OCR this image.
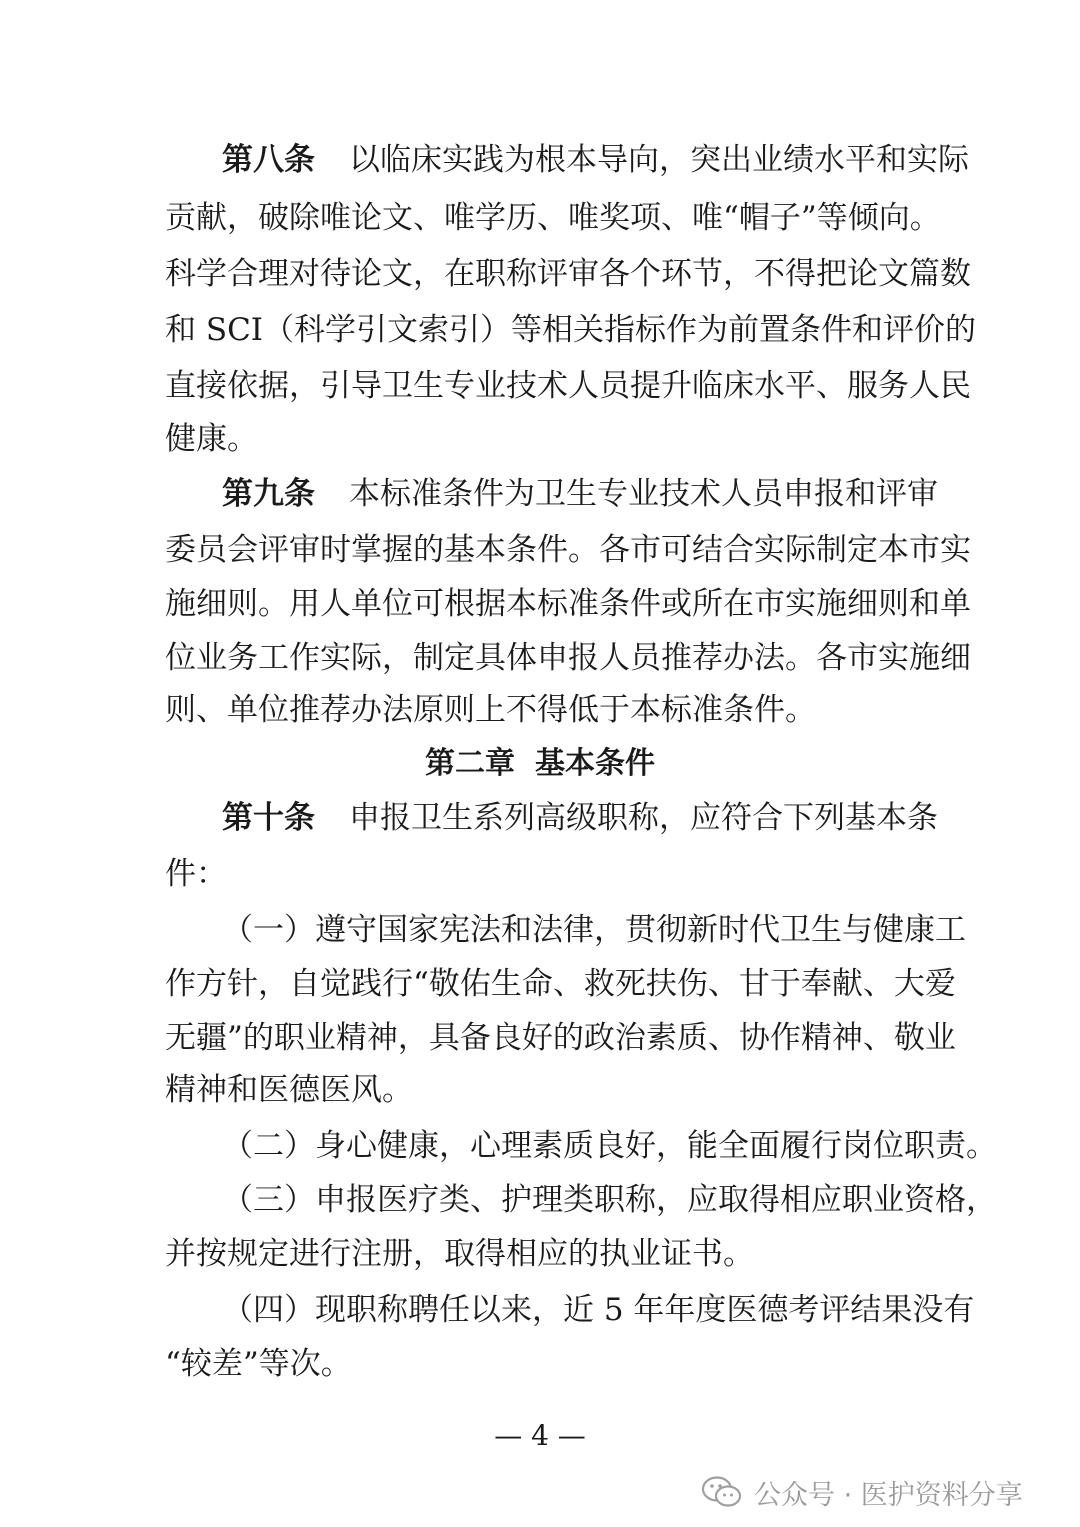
第八条 以临床实践为根本导向，突出业绩水平和实际
贡献，破除唯论文、唯学历、唯奖项、唯“帽子”等倾向。
科学合理对待论文，在职称评审各个环节，不得把论文篇数
和 SCI（科学引文索引）等相关指标作为前置条件和评价的
直接依据，引导卫生专业技术人员提升临床水平、服务人民
健康。
第九条 本标准条件为卫生专业技术人员申报和评审
委员会评审时掌握的基本条件。各市可结合实际制定本市实
施细则。用人单位可根据本标准条件或所在市实施细则和单
位业务工作实际，制定具体申报人员推荐办法。各市实施细
则、单位推荐办法原则上不得低于本标准条件。
第二章 基本条件
第十条 申报卫生系列高级职称，应符合下列基本条
件：
（一）遵守国家宪法和法律，贯彻新时代卫生与健康工
作方针，自觉践行“敬佑生命、救死扶伤、甘于奉献、大爱
无疆”的职业精神，具备良好的政治素质、协作精神、敬业
精神和医德医风。
（二）身心健康，心理素质良好，能全面履行岗位职责。
（三）申报医疗类、护理类职称，应取得相应职业资格，
并按规定进行注册，取得相应的执业证书。
（四）现职称聘任以来，近 5 年年度医德考评结果没有
“较差”等次。
— 4 —
公众号 · 医护资料分享
